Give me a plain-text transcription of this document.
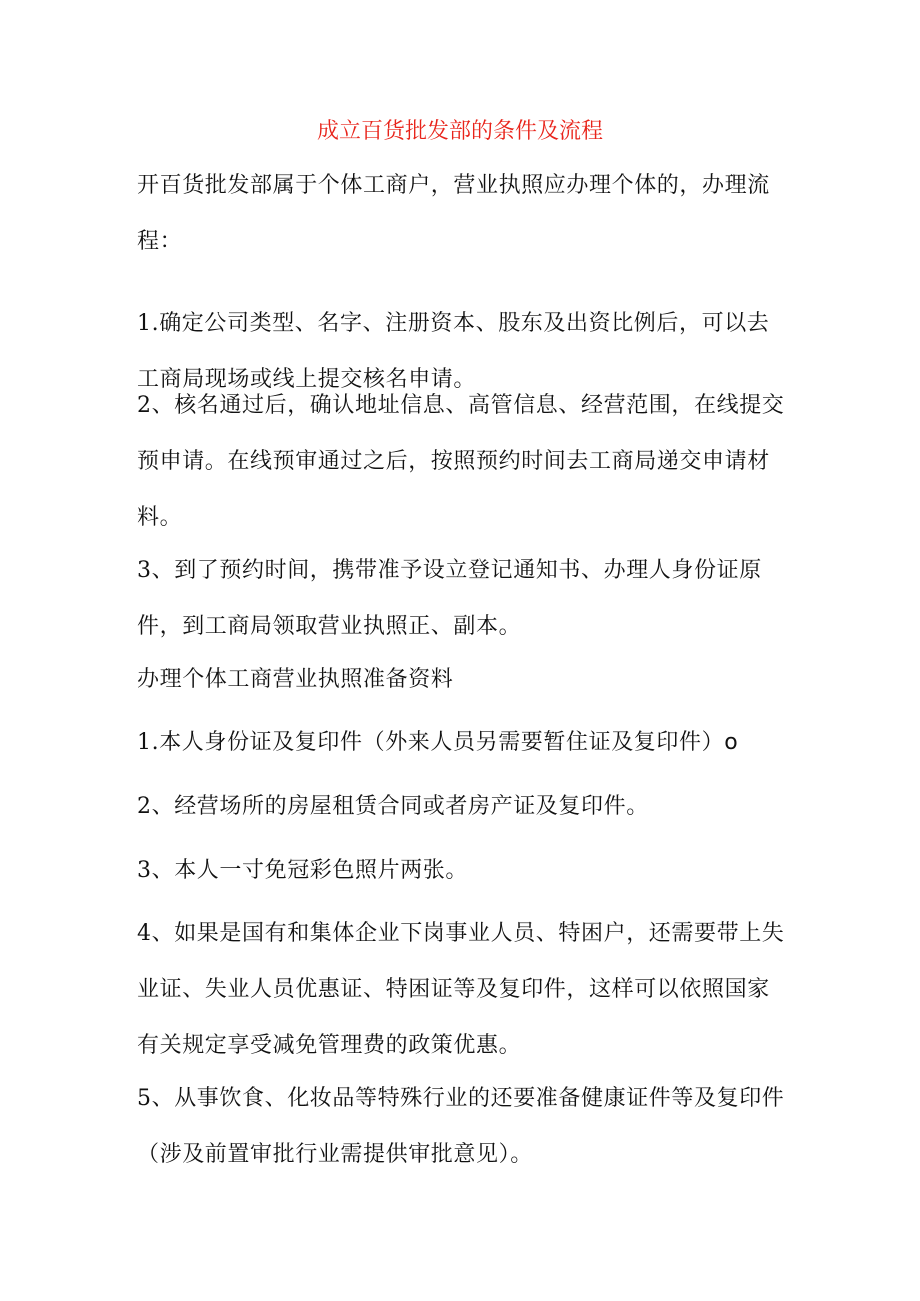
成立百货批发部的条件及流程

开百货批发部属于个体工商户，营业执照应办理个体的，办理流程：

1.确定公司类型、名字、注册资本、股东及出资比例后，可以去工商局现场或线上提交核名申请。

2、核名通过后，确认地址信息、高管信息、经营范围，在线提交预申请。在线预审通过之后，按照预约时间去工商局递交申请材料。

3、到了预约时间，携带准予设立登记通知书、办理人身份证原件，到工商局领取营业执照正、副本。

办理个体工商营业执照准备资料

1.本人身份证及复印件（外来人员另需要暂住证及复印件）o

2、经营场所的房屋租赁合同或者房产证及复印件。

3、本人一寸免冠彩色照片两张。

4、如果是国有和集体企业下岗事业人员、特困户，还需要带上失业证、失业人员优惠证、特困证等及复印件，这样可以依照国家有关规定享受减免管理费的政策优惠。

5、从事饮食、化妆品等特殊行业的还要准备健康证件等及复印件（涉及前置审批行业需提供审批意见）。
